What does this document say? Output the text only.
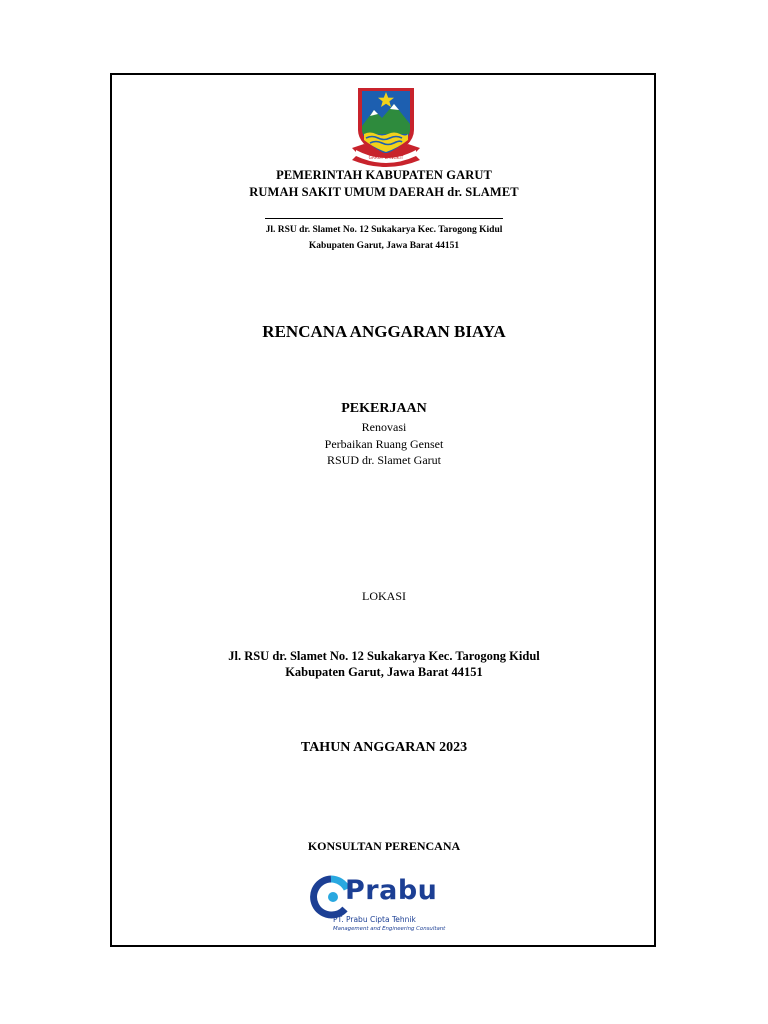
GARUT BANGKIT
PEMERINTAH KABUPATEN GARUT
RUMAH SAKIT UMUM DAERAH dr. SLAMET
Jl. RSU dr. Slamet No. 12 Sukakarya Kec. Tarogong Kidul
Kabupaten Garut, Jawa Barat 44151
RENCANA ANGGARAN BIAYA
PEKERJAAN
Renovasi
Perbaikan Ruang Genset
RSUD dr. Slamet Garut
LOKASI
Jl. RSU dr. Slamet No. 12 Sukakarya Kec. Tarogong Kidul
Kabupaten Garut, Jawa Barat 44151
TAHUN ANGGARAN 2023
KONSULTAN PERENCANA
Prabu
PT. Prabu Cipta Tehnik
Management and Engineering Consultant
